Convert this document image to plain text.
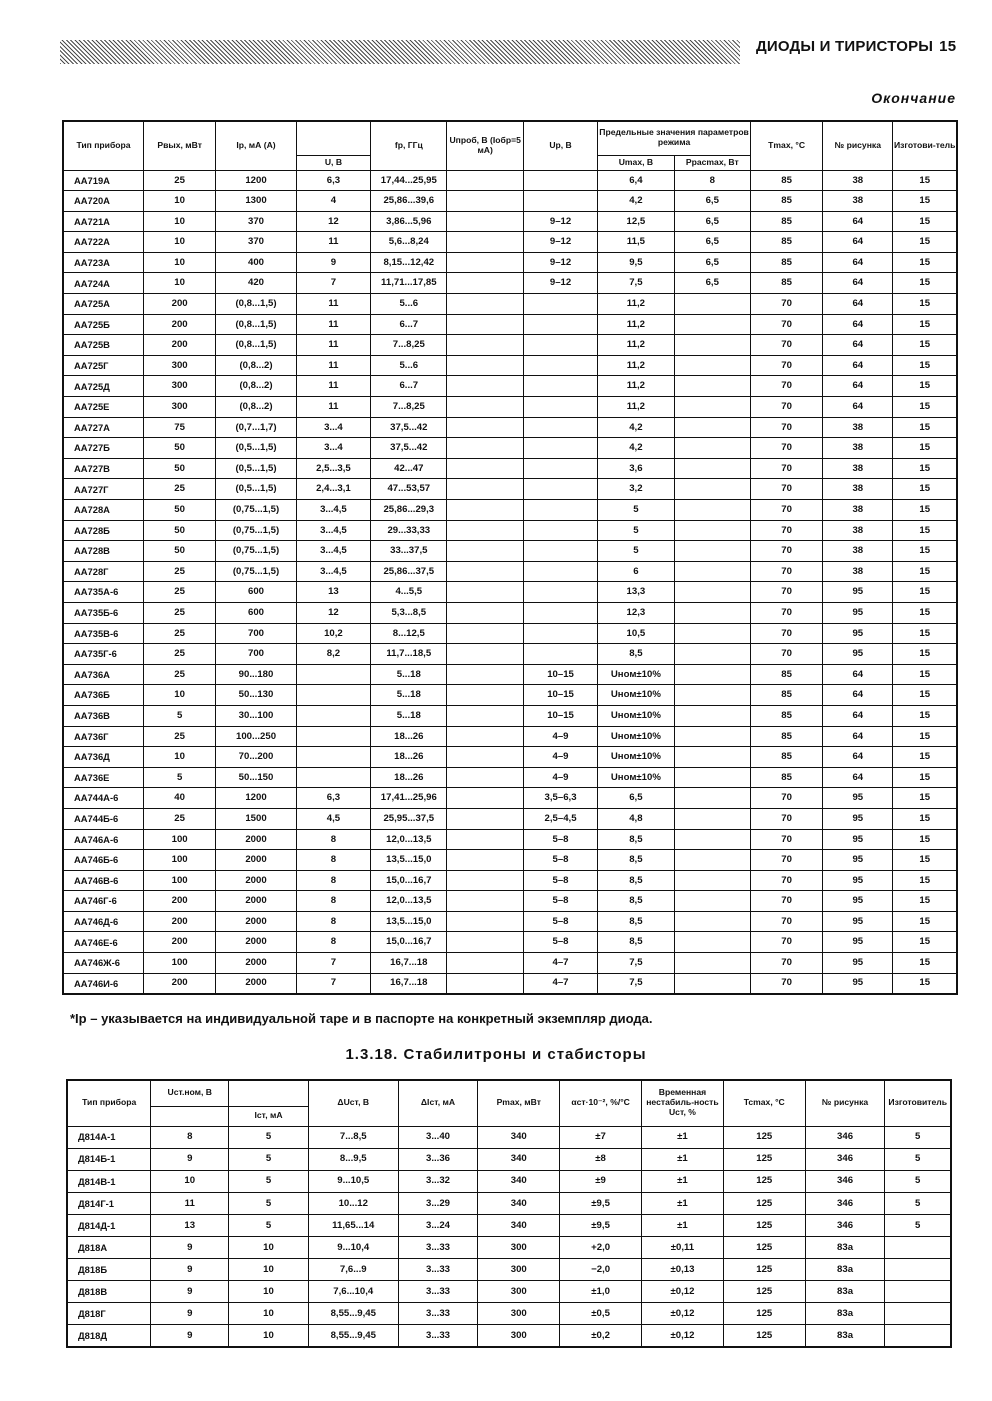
ДИОДЫ И ТИРИСТОРЫ 15
Окончание
Тип прибора	Рвых, мВт	Iр, мА (А)		fр, ГГц	Uпроб, В (Iобр=5 мА)	Uр, В	Предельные значения параметров режима		Tmax, °C	№ рисунка	Изготови-тель
			U, В				Umax, В	Ррасmax, Вт			
АА719А	25	1200	6,3	17,44...25,95			6,4	8	85	38	15
АА720А	10	1300	4	25,86...39,6			4,2	6,5	85	38	15
АА721А	10	370	12	3,86...5,96		9–12	12,5	6,5	85	64	15
АА722А	10	370	11	5,6...8,24		9–12	11,5	6,5	85	64	15
АА723А	10	400	9	8,15...12,42		9–12	9,5	6,5	85	64	15
АА724А	10	420	7	11,71...17,85		9–12	7,5	6,5	85	64	15
АА725А	200	(0,8...1,5)	11	5...6			11,2		70	64	15
АА725Б	200	(0,8...1,5)	11	6...7			11,2		70	64	15
АА725В	200	(0,8...1,5)	11	7...8,25			11,2		70	64	15
АА725Г	300	(0,8...2)	11	5...6			11,2		70	64	15
АА725Д	300	(0,8...2)	11	6...7			11,2		70	64	15
АА725Е	300	(0,8...2)	11	7...8,25			11,2		70	64	15
АА727А	75	(0,7...1,7)	3...4	37,5...42			4,2		70	38	15
АА727Б	50	(0,5...1,5)	3...4	37,5...42			4,2		70	38	15
АА727В	50	(0,5...1,5)	2,5...3,5	42...47			3,6		70	38	15
АА727Г	25	(0,5...1,5)	2,4...3,1	47...53,57			3,2		70	38	15
АА728А	50	(0,75...1,5)	3...4,5	25,86...29,3			5		70	38	15
АА728Б	50	(0,75...1,5)	3...4,5	29...33,33			5		70	38	15
АА728В	50	(0,75...1,5)	3...4,5	33...37,5			5		70	38	15
АА728Г	25	(0,75...1,5)	3...4,5	25,86...37,5			6		70	38	15
АА735А-6	25	600	13	4...5,5			13,3		70	95	15
АА735Б-6	25	600	12	5,3...8,5			12,3		70	95	15
АА735В-6	25	700	10,2	8...12,5			10,5		70	95	15
АА735Г-6	25	700	8,2	11,7...18,5			8,5		70	95	15
АА736А	25	90...180		5...18		10–15	Uном±10%		85	64	15
АА736Б	10	50...130		5...18		10–15	Uном±10%		85	64	15
АА736В	5	30...100		5...18		10–15	Uном±10%		85	64	15
АА736Г	25	100...250		18...26		4–9	Uном±10%		85	64	15
АА736Д	10	70...200		18...26		4–9	Uном±10%		85	64	15
АА736Е	5	50...150		18...26		4–9	Uном±10%		85	64	15
АА744А-6	40	1200	6,3	17,41...25,96		3,5–6,3	6,5		70	95	15
АА744Б-6	25	1500	4,5	25,95...37,5		2,5–4,5	4,8		70	95	15
АА746А-6	100	2000	8	12,0...13,5		5–8	8,5		70	95	15
АА746Б-6	100	2000	8	13,5...15,0		5–8	8,5		70	95	15
АА746В-6	100	2000	8	15,0...16,7		5–8	8,5		70	95	15
АА746Г-6	200	2000	8	12,0...13,5		5–8	8,5		70	95	15
АА746Д-6	200	2000	8	13,5...15,0		5–8	8,5		70	95	15
АА746Е-6	200	2000	8	15,0...16,7		5–8	8,5		70	95	15
АА746Ж-6	100	2000	7	16,7...18		4–7	7,5		70	95	15
АА746И-6	200	2000	7	16,7...18		4–7	7,5		70	95	15
*Iр – указывается на индивидуальной таре и в паспорте на конкретный экземпляр диода.
1.3.18. Стабилитроны и стабисторы
Тип прибора	Uст.ном, В		ΔUст, В	ΔIст, мА	Рmax, мВт	αст·10⁻², %/°С	Временная нестабиль-ность Uст, %	Tcmax, °C	№ рисунка	Изготовитель
		Iст, мА								
Д814А-1	8	5	7...8,5	3...40	340	±7	±1	125	346	5
Д814Б-1	9	5	8...9,5	3...36	340	±8	±1	125	346	5
Д814В-1	10	5	9...10,5	3...32	340	±9	±1	125	346	5
Д814Г-1	11	5	10...12	3...29	340	±9,5	±1	125	346	5
Д814Д-1	13	5	11,65...14	3...24	340	±9,5	±1	125	346	5
Д818А	9	10	9...10,4	3...33	300	+2,0	±0,11	125	83а	
Д818Б	9	10	7,6...9	3...33	300	−2,0	±0,13	125	83а	
Д818В	9	10	7,6...10,4	3...33	300	±1,0	±0,12	125	83а	
Д818Г	9	10	8,55...9,45	3...33	300	±0,5	±0,12	125	83а	
Д818Д	9	10	8,55...9,45	3...33	300	±0,2	±0,12	125	83а	
